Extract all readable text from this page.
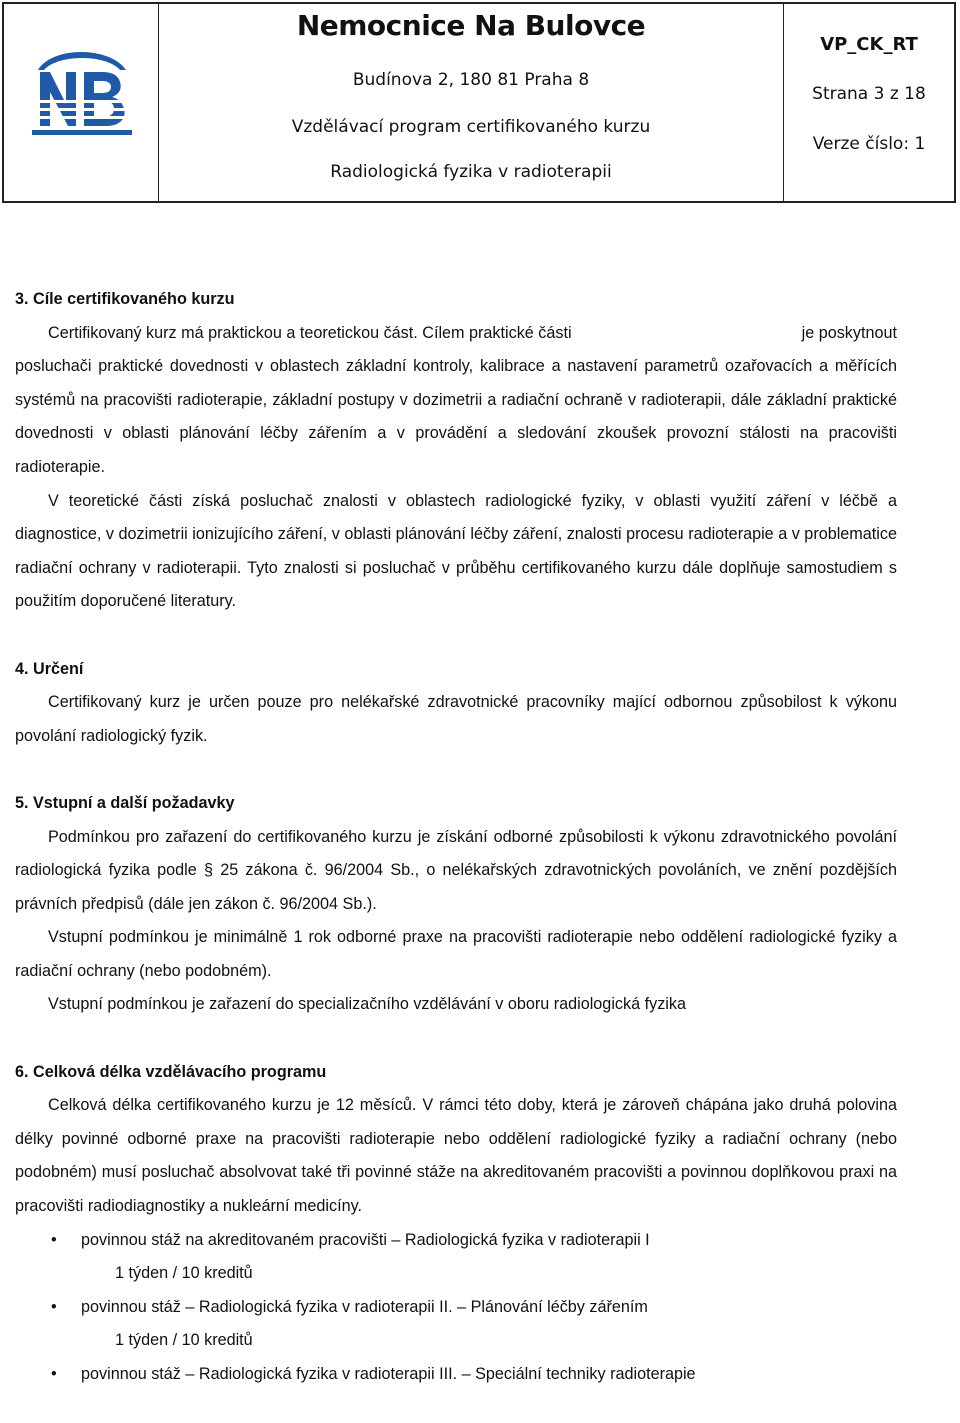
Nemocnice Na Bulovce
Budínova 2, 180 81 Praha 8
Vzdělávací program certifikovaného kurzu
Radiologická fyzika v radioterapii
VP_CK_RT
Strana 3 z 18
Verze číslo: 1
3. Cíle certifikovaného kurzu

Certifikovaný kurz má praktickou a teoretickou část. Cílem praktické části	je poskytnout

posluchači praktické dovednosti v oblastech základní kontroly, kalibrace a nastavení parametrů ozařovacích a měřících systémů na pracovišti radioterapie, základní postupy v dozimetrii a radiační ochraně v radioterapii, dále základní praktické dovednosti v oblasti plánování léčby zářením a v provádění a sledování zkoušek provozní stálosti na pracovišti radioterapie.

V teoretické části získá posluchač znalosti v oblastech radiologické fyziky, v oblasti využití záření v léčbě a diagnostice, v dozimetrii ionizujícího záření, v oblasti plánování léčby záření, znalosti procesu radioterapie a v problematice radiační ochrany v radioterapii. Tyto znalosti si posluchač v průběhu certifikovaného kurzu dále doplňuje samostudiem s použitím doporučené literatury.

4. Určení

Certifikovaný kurz je určen pouze pro nelékařské zdravotnické pracovníky mající odbornou způsobilost k výkonu povolání radiologický fyzik.

5. Vstupní a další požadavky

Podmínkou pro zařazení do certifikovaného kurzu je získání odborné způsobilosti k výkonu zdravotnického povolání radiologická fyzika podle § 25 zákona č. 96/2004 Sb., o nelékařských zdravotnických povoláních, ve znění pozdějších právních předpisů (dále jen zákon č. 96/2004 Sb.).

Vstupní podmínkou je minimálně 1 rok odborné praxe na pracovišti radioterapie nebo oddělení radiologické fyziky a radiační ochrany (nebo podobném).

Vstupní podmínkou je zařazení do specializačního vzdělávání v oboru radiologická fyzika

6. Celková délka vzdělávacího programu

Celková délka certifikovaného kurzu je 12 měsíců. V rámci této doby, která je zároveň chápána jako druhá polovina délky povinné odborné praxe na pracovišti radioterapie nebo oddělení radiologické fyziky a radiační ochrany (nebo podobném) musí posluchač absolvovat také tři povinné stáže na akreditovaném pracovišti a povinnou doplňkovou praxi na pracovišti radiodiagnostiky a nukleární medicíny.

• povinnou stáž na akreditovaném pracovišti – Radiologická fyzika v radioterapii I
1 týden / 10 kreditů
• povinnou stáž – Radiologická fyzika v radioterapii II. – Plánování léčby zářením
1 týden / 10 kreditů
• povinnou stáž – Radiologická fyzika v radioterapii III. – Speciální techniky radioterapie
